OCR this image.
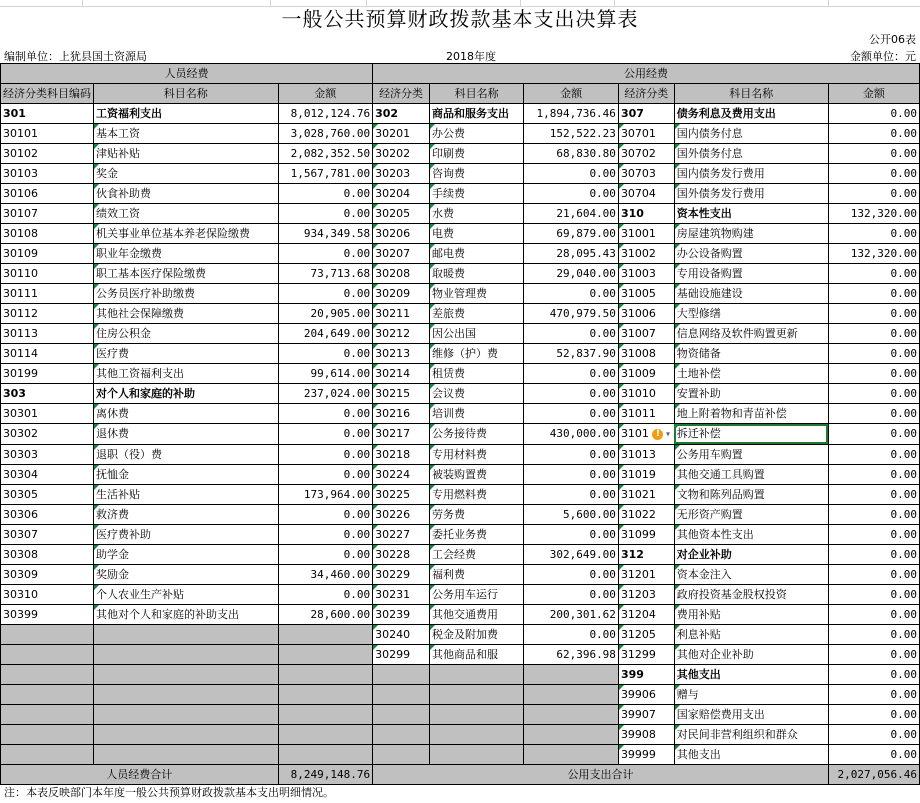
一般公共预算财政拨款基本支出决算表
公开06表
编制单位：上犹县国土资源局	2018年度	金额单位：元
人员经费			公用经费					
经济分类科目编码	科目名称	金额	经济分类	科目名称	金额	经济分类	科目名称	金额
301	工资福利支出	8,012,124.76	302	商品和服务支出	1,894,736.46	307	债务利息及费用支出	0.00
30101	基本工资	3,028,760.00	30201	办公费	152,522.23	30701	国内债务付息	0.00
30102	津贴补贴	2,082,352.50	30202	印刷费	68,830.80	30702	国外债务付息	0.00
30103	奖金	1,567,781.00	30203	咨询费	0.00	30703	国内债务发行费用	0.00
30106	伙食补助费	0.00	30204	手续费	0.00	30704	国外债务发行费用	0.00
30107	绩效工资	0.00	30205	水费	21,604.00	310	资本性支出	132,320.00
30108	机关事业单位基本养老保险缴费	934,349.58	30206	电费	69,879.00	31001	房屋建筑物购建	0.00
30109	职业年金缴费	0.00	30207	邮电费	28,095.43	31002	办公设备购置	132,320.00
30110	职工基本医疗保险缴费	73,713.68	30208	取暖费	29,040.00	31003	专用设备购置	0.00
30111	公务员医疗补助缴费	0.00	30209	物业管理费	0.00	31005	基础设施建设	0.00
30112	其他社会保障缴费	20,905.00	30211	差旅费	470,979.50	31006	大型修缮	0.00
30113	住房公积金	204,649.00	30212	因公出国	0.00	31007	信息网络及软件购置更新	0.00
30114	医疗费	0.00	30213	维修（护）费	52,837.90	31008	物资储备	0.00
30199	其他工资福利支出	99,614.00	30214	租赁费	0.00	31009	土地补偿	0.00
303	对个人和家庭的补助	237,024.00	30215	会议费	0.00	31010	安置补助	0.00
30301	离休费	0.00	30216	培训费	0.00	31011	地上附着物和青苗补偿	0.00
30302	退休费	0.00	30217	公务接待费	430,000.00	3101 ! ▾	拆迁补偿	0.00
30303	退职（役）费	0.00	30218	专用材料费	0.00	31013	公务用车购置	0.00
30304	抚恤金	0.00	30224	被装购置费	0.00	31019	其他交通工具购置	0.00
30305	生活补贴	173,964.00	30225	专用燃料费	0.00	31021	文物和陈列品购置	0.00
30306	救济费	0.00	30226	劳务费	5,600.00	31022	无形资产购置	0.00
30307	医疗费补助	0.00	30227	委托业务费	0.00	31099	其他资本性支出	0.00
30308	助学金	0.00	30228	工会经费	302,649.00	312	对企业补助	0.00
30309	奖励金	34,460.00	30229	福利费	0.00	31201	资本金注入	0.00
30310	个人农业生产补贴	0.00	30231	公务用车运行	0.00	31203	政府投资基金股权投资	0.00
30399	其他对个人和家庭的补助支出	28,600.00	30239	其他交通费用	200,301.62	31204	费用补贴	0.00
			30240	税金及附加费	0.00	31205	利息补贴	0.00
			30299	其他商品和服	62,396.98	31299	其他对企业补助	0.00
						399	其他支出	0.00
						39906	赠与	0.00
						39907	国家赔偿费用支出	0.00
						39908	对民间非营利组织和群众	0.00
						39999	其他支出	0.00
人员经费合计		8,249,148.76	公用支出合计					2,027,056.46
注：本表反映部门本年度一般公共预算财政拨款基本支出明细情况。
